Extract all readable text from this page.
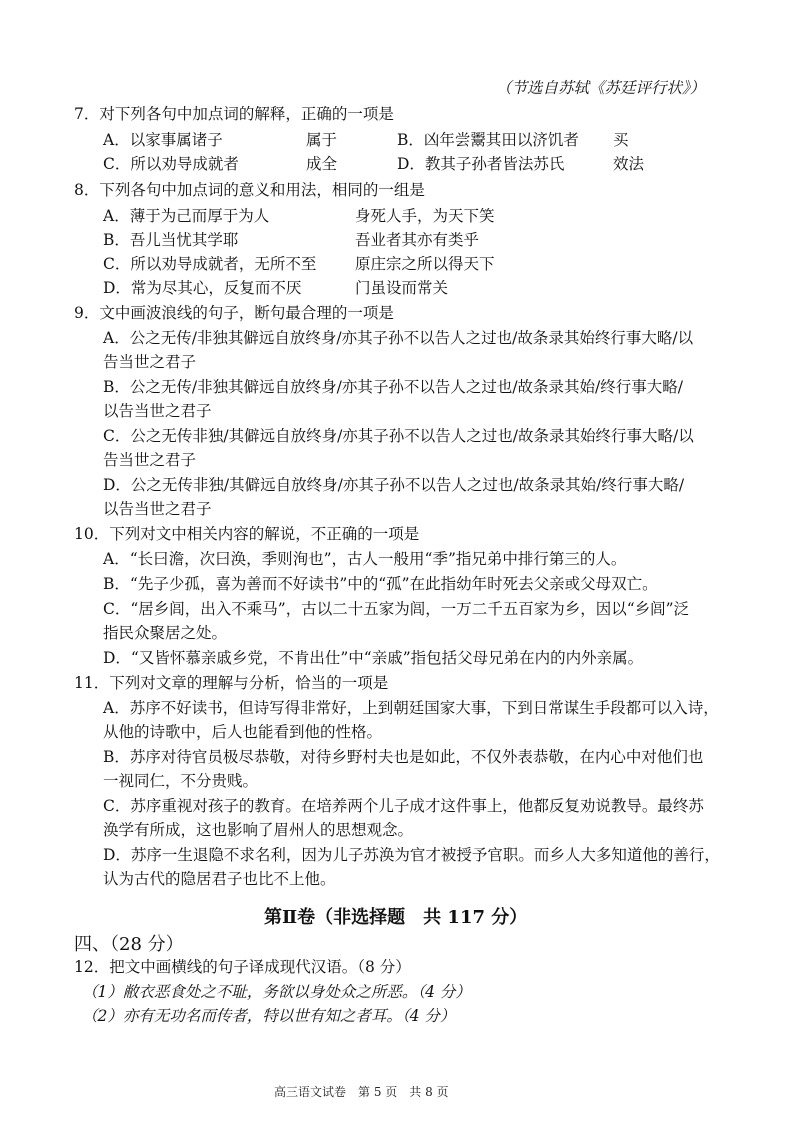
（节选自苏轼《苏廷评行状》）
7．对下列各句中加点词的解释，正确的一项是
A．以家事属诸子	属于	B．凶年尝鬻其田以济饥者 买
C．所以劝导成就者	成全	D．教其子孙者皆法苏氏	效法
8．下列各句中加点词的意义和用法，相同的一组是
A．薄于为己而厚于为人	身死人手，为天下笑
B．吾儿当忧其学耶	吾业者其亦有类乎
C．所以劝导成就者，无所不至 原庄宗之所以得天下
D．常为尽其心，反复而不厌	门虽设而常关
9．文中画波浪线的句子，断句最合理的一项是
A．公之无传/非独其僻远自放终身/亦其子孙不以告人之过也/故条录其始终行事大略/以
告当世之君子
B．公之无传/非独其僻远自放终身/亦其子孙不以告人之过也/故条录其始/终行事大略/
以告当世之君子
C．公之无传非独/其僻远自放终身/亦其子孙不以告人之过也/故条录其始终行事大略/以
告当世之君子
D．公之无传非独/其僻远自放终身/亦其子孙不以告人之过也/故条录其始/终行事大略/
以告当世之君子
10．下列对文中相关内容的解说，不正确的一项是
A．“长曰澹，次曰涣，季则洵也”，古人一般用“季”指兄弟中排行第三的人。
B．“先子少孤，喜为善而不好读书”中的“孤”在此指幼年时死去父亲或父母双亡。
C．“居乡闾，出入不乘马”，古以二十五家为闾，一万二千五百家为乡，因以“乡闾”泛
指民众聚居之处。
D．“又皆怀慕亲戚乡党，不肯出仕”中“亲戚”指包括父母兄弟在内的内外亲属。
11．下列对文章的理解与分析，恰当的一项是
A．苏序不好读书，但诗写得非常好，上到朝廷国家大事，下到日常谋生手段都可以入诗，
从他的诗歌中，后人也能看到他的性格。
B．苏序对待官员极尽恭敬，对待乡野村夫也是如此，不仅外表恭敬，在内心中对他们也
一视同仁，不分贵贱。
C．苏序重视对孩子的教育。在培养两个儿子成才这件事上，他都反复劝说教导。最终苏
涣学有所成，这也影响了眉州人的思想观念。
D．苏序一生退隐不求名利，因为儿子苏涣为官才被授予官职。而乡人大多知道他的善行，
认为古代的隐居君子也比不上他。
第Ⅱ卷（非选择题　共 117 分）
四、（28 分）
12．把文中画横线的句子译成现代汉语。（8 分）
（1）敝衣恶食处之不耻，务欲以身处众之所恶。（4 分）
（2）亦有无功名而传者，特以世有知之者耳。（4 分）
高三语文试卷　第 5 页　共 8 页
